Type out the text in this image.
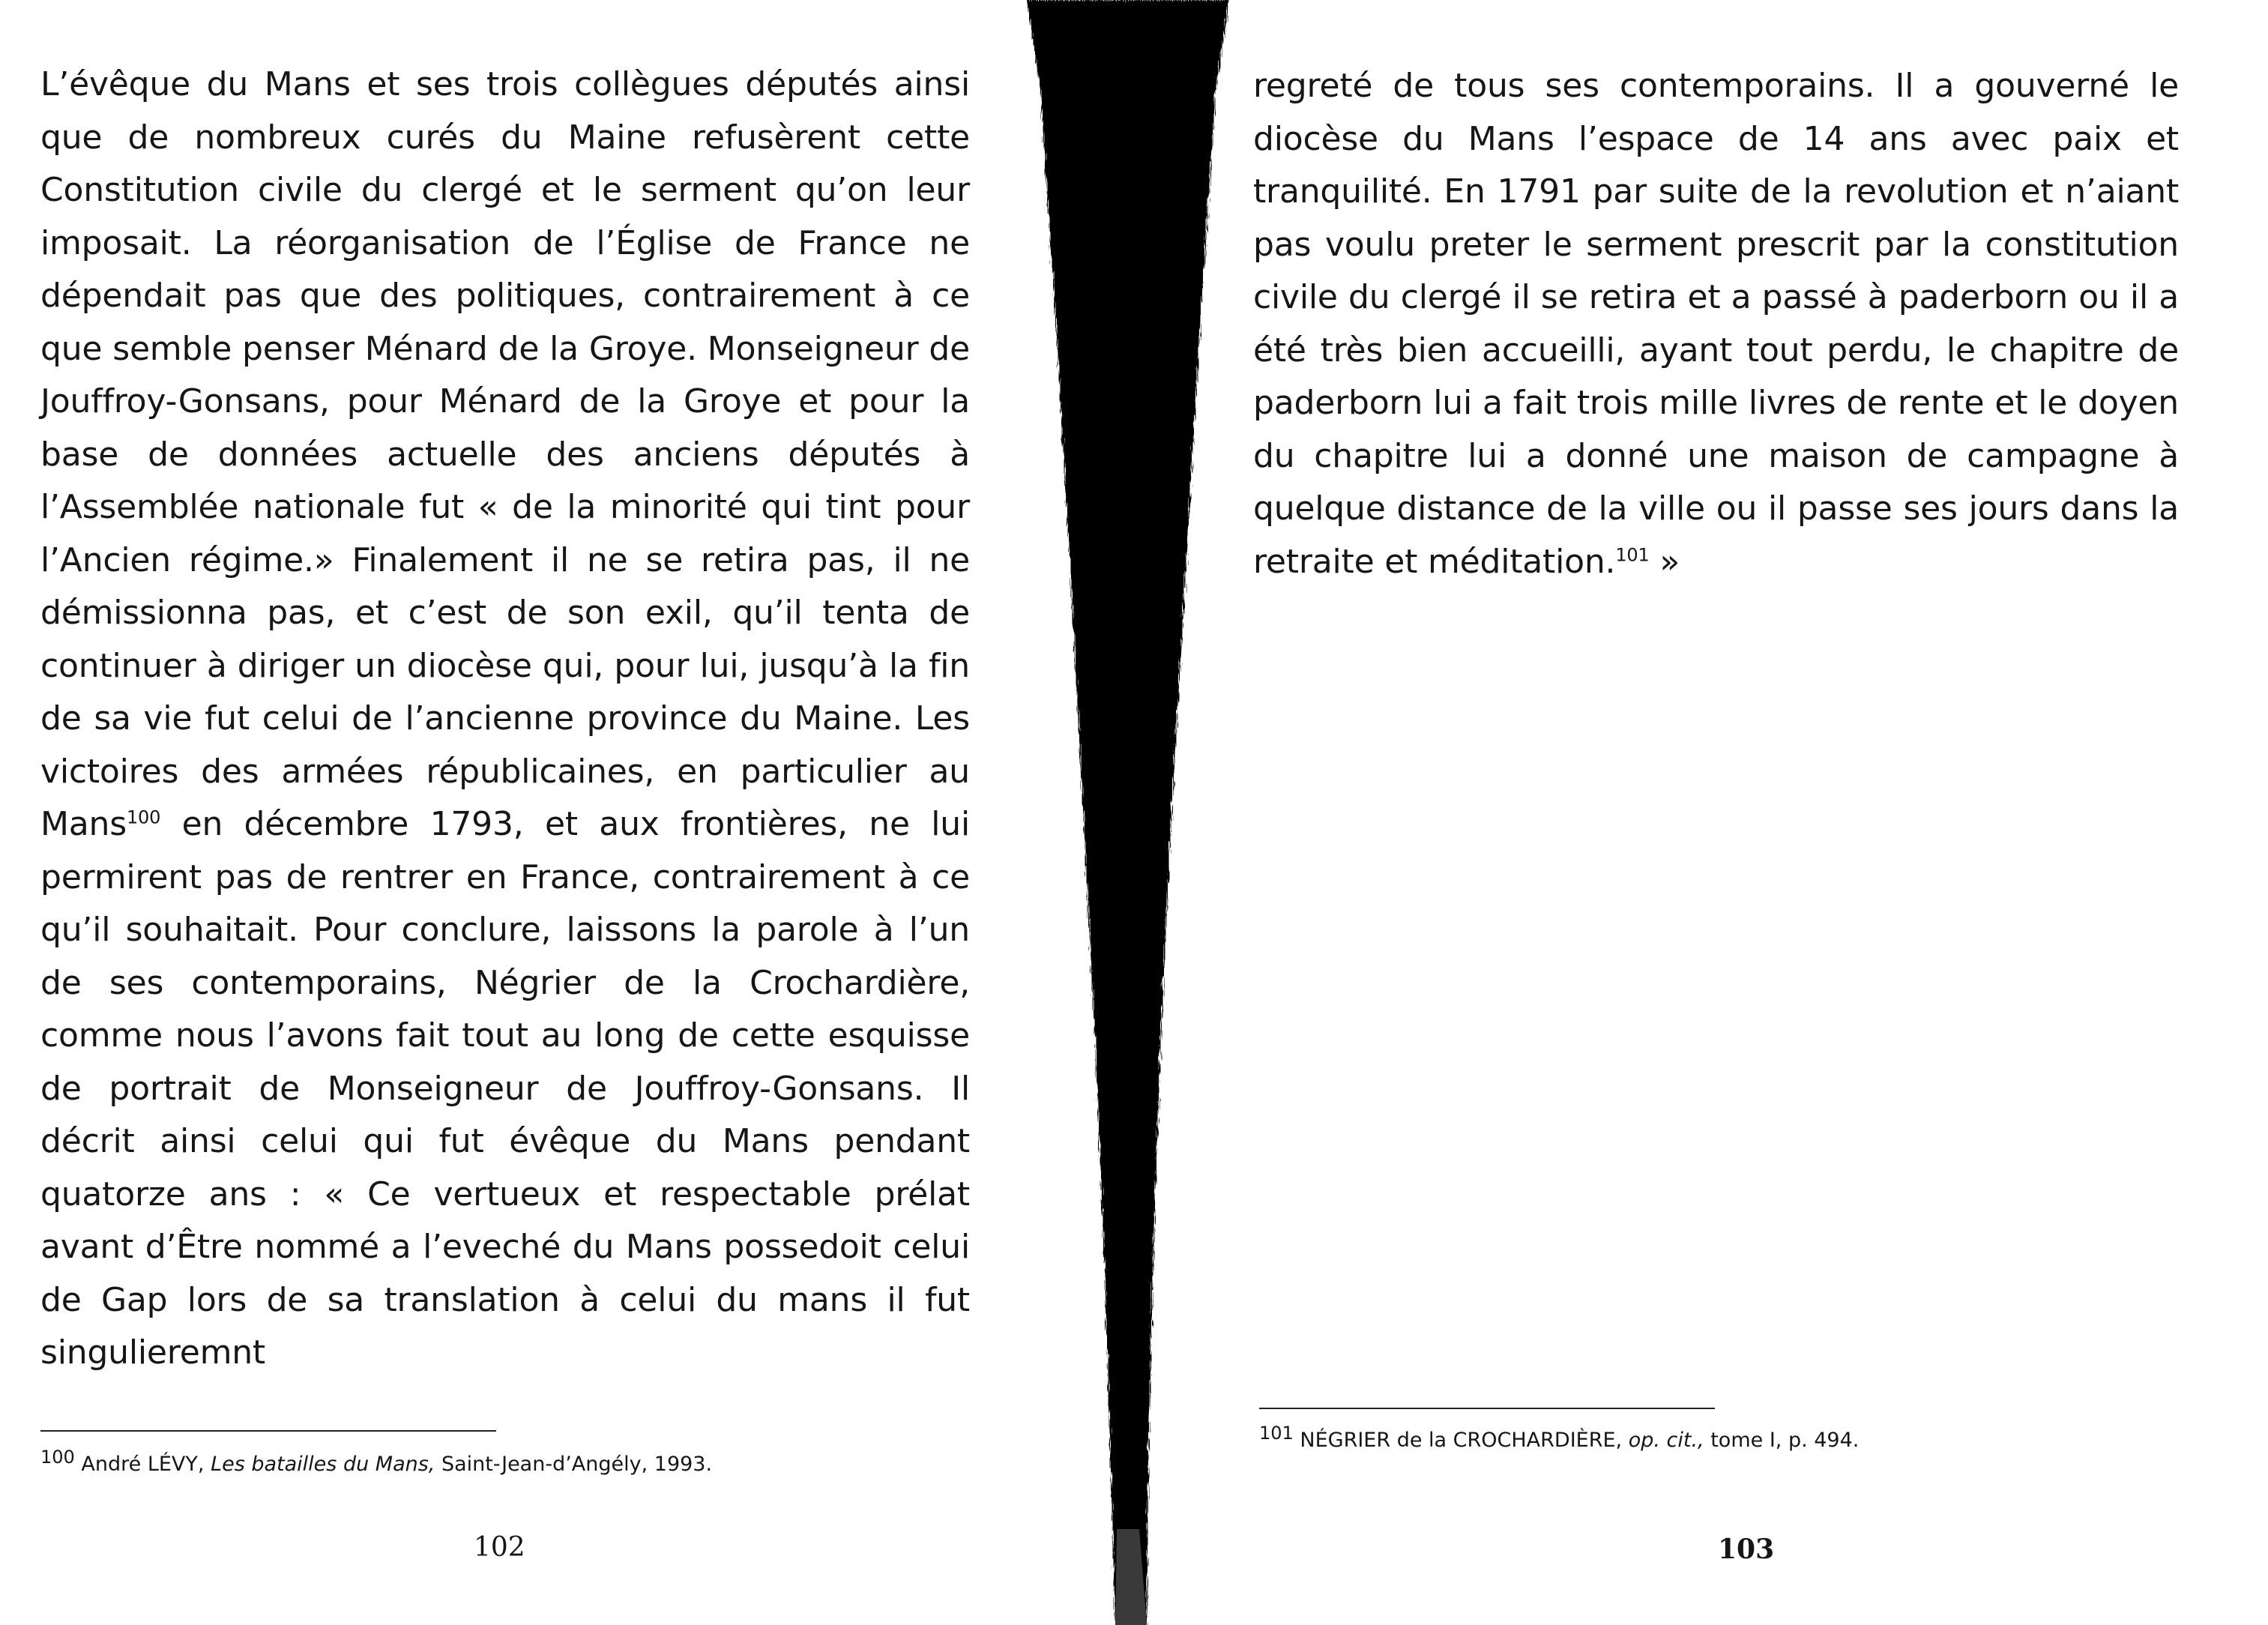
L’évêque du Mans et ses trois collègues députés ainsi que de nombreux curés du Maine refusèrent cette Constitution civile du clergé et le serment qu’on leur imposait. La réorganisation de l’Église de France ne dépendait pas que des politiques, contrairement à ce que semble penser Ménard de la Groye. Monseigneur de Jouffroy-Gonsans, pour Ménard de la Groye et pour la base de données actuelle des anciens députés à l’Assemblée nationale fut « de la minorité qui tint pour l’Ancien régime.» Finalement il ne se retira pas, il ne démissionna pas, et c’est de son exil, qu’il tenta de continuer à diriger un diocèse qui, pour lui, jusqu’à la fin de sa vie fut celui de l’ancienne province du Maine. Les victoires des armées républicaines, en particulier au Mans$^{100}$ en décembre 1793, et aux frontières, ne lui permirent pas de rentrer en France, contrairement à ce qu’il souhaitait. Pour conclure, laissons la parole à l’un de ses contemporains, Négrier de la Crochardière, comme nous l’avons fait tout au long de cette esquisse de portrait de Monseigneur de Jouffroy-Gonsans. Il décrit ainsi celui qui fut évêque du Mans pendant quatorze ans : « Ce vertueux et respectable prélat avant d’Être nommé a l’eveché du Mans possedoit celui de Gap lors de sa translation à celui du mans il fut singulieremnt

$^{100}$ André LÉVY, Les batailles du Mans, Saint-Jean-d’Angély, 1993.

102

regreté de tous ses contemporains. Il a gouverné le diocèse du Mans l’espace de 14 ans avec paix et tranquilité. En 1791 par suite de la revolution et n’aiant pas voulu preter le serment prescrit par la constitution civile du clergé il se retira et a passé à paderborn ou il a été très bien accueilli, ayant tout perdu, le chapitre de paderborn lui a fait trois mille livres de rente et le doyen du chapitre lui a donné une maison de campagne à quelque distance de la ville ou il passe ses jours dans la retraite et méditation.$^{101}$ »

$^{101}$ NÉGRIER de la CROCHARDIÈRE, op. cit., tome I, p. 494.

103
